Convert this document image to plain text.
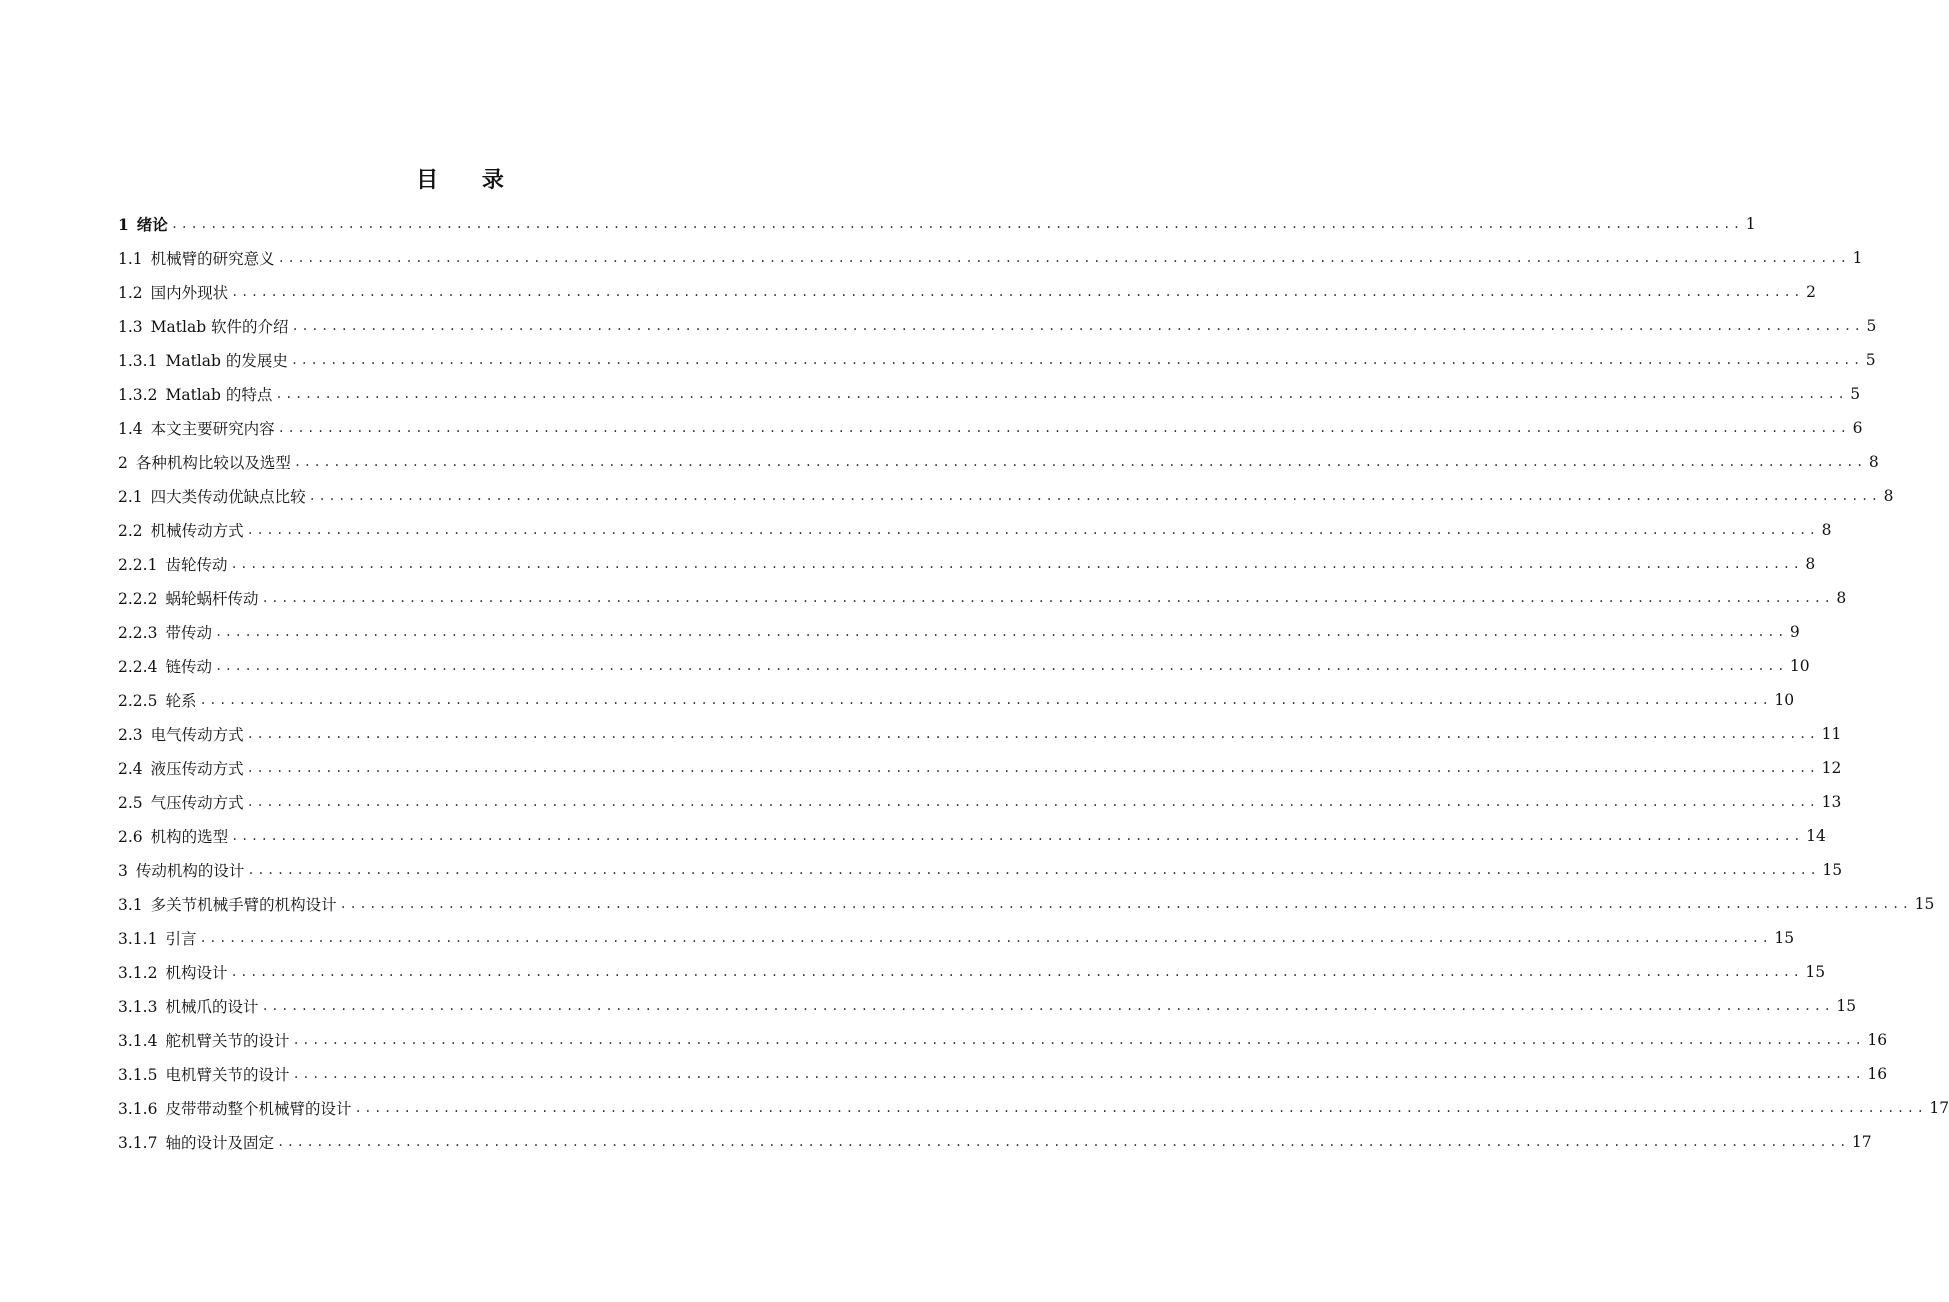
目 录
1 绪论 ................................................................................................................................................................ 1
1.1 机械臂的研究意义 ................................................................................................................................................................ 1
1.2 国内外现状 ................................................................................................................................................................ 2
1.3 Matlab 软件的介绍 ................................................................................................................................................................ 5
1.3.1 Matlab 的发展史 ................................................................................................................................................................ 5
1.3.2 Matlab 的特点 ................................................................................................................................................................ 5
1.4 本文主要研究内容 ................................................................................................................................................................ 6
2 各种机构比较以及选型 ................................................................................................................................................................ 8
2.1 四大类传动优缺点比较 ................................................................................................................................................................ 8
2.2 机械传动方式 ................................................................................................................................................................ 8
2.2.1 齿轮传动 ................................................................................................................................................................ 8
2.2.2 蜗轮蜗杆传动 ................................................................................................................................................................ 8
2.2.3 带传动 ................................................................................................................................................................ 9
2.2.4 链传动 ................................................................................................................................................................ 10
2.2.5 轮系 ................................................................................................................................................................ 10
2.3 电气传动方式 ................................................................................................................................................................ 11
2.4 液压传动方式 ................................................................................................................................................................ 12
2.5 气压传动方式 ................................................................................................................................................................ 13
2.6 机构的选型 ................................................................................................................................................................ 14
3 传动机构的设计 ................................................................................................................................................................ 15
3.1 多关节机械手臂的机构设计 ................................................................................................................................................................ 15
3.1.1 引言 ................................................................................................................................................................ 15
3.1.2 机构设计 ................................................................................................................................................................ 15
3.1.3 机械爪的设计 ................................................................................................................................................................ 15
3.1.4 舵机臂关节的设计 ................................................................................................................................................................ 16
3.1.5 电机臂关节的设计 ................................................................................................................................................................ 16
3.1.6 皮带带动整个机械臂的设计 ................................................................................................................................................................ 17
3.1.7 轴的设计及固定 ................................................................................................................................................................ 17
